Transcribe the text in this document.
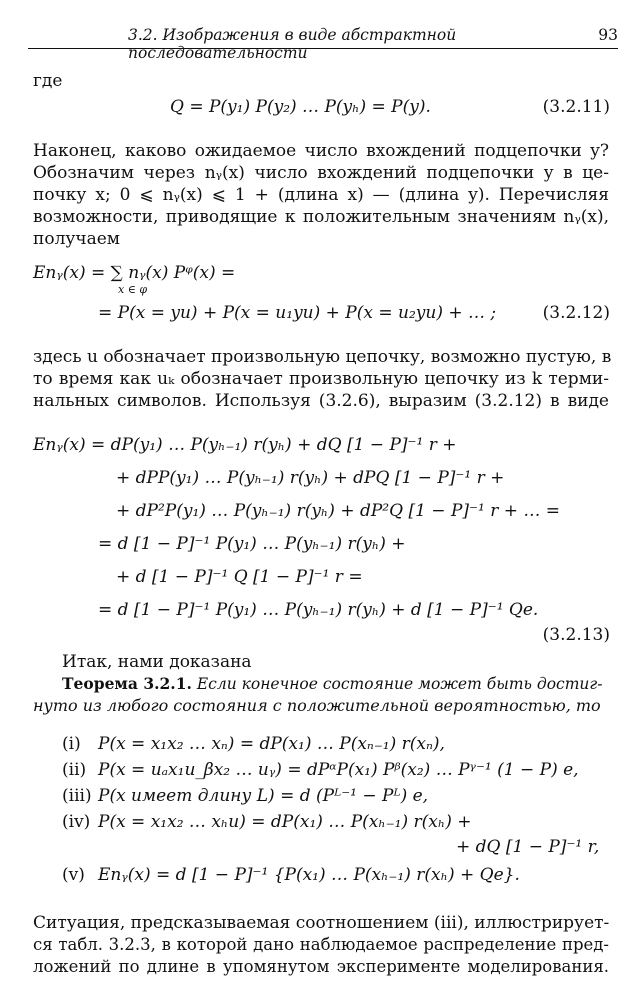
3.2. Изображения в виде абстрактной последовательности
93
где
Q = P(y₁) P(y₂) … P(yₕ) = P(y).	(3.2.11)
Наконец, каково ожидаемое число вхождений подцепочки y?
Обозначим через nᵧ(x) число вхождений подцепочки y в це-
почку x; 0 ⩽ nᵧ(x) ⩽ 1 + (длина x) — (длина y). Перечисляя
возможности, приводящие к положительным значениям nᵧ(x),
получаем
Enᵧ(x) = ∑ nᵧ(x) Pᵠ(x) =
x ∈ φ
= P(x = yu) + P(x = u₁yu) + P(x = u₂yu) + … ;	(3.2.12)
здесь u обозначает произвольную цепочку, возможно пустую, в
то время как uₖ обозначает произвольную цепочку из k терми-
нальных символов. Используя (3.2.6), выразим (3.2.12) в виде
Enᵧ(x) = dP(y₁) … P(yₕ₋₁) r(yₕ) + dQ [1 − P]⁻¹ r +
+ dPP(y₁) … P(yₕ₋₁) r(yₕ) + dPQ [1 − P]⁻¹ r +
+ dP²P(y₁) … P(yₕ₋₁) r(yₕ) + dP²Q [1 − P]⁻¹ r + … =
= d [1 − P]⁻¹ P(y₁) … P(yₕ₋₁) r(yₕ) +
+ d [1 − P]⁻¹ Q [1 − P]⁻¹ r =
= d [1 − P]⁻¹ P(y₁) … P(yₕ₋₁) r(yₕ) + d [1 − P]⁻¹ Qe.
(3.2.13)
Итак, нами доказана
Теорема 3.2.1. Если конечное состояние может быть достиг-
нуто из любого состояния с положительной вероятностью, то
(i)	P(x = x₁x₂ … xₙ) = dP(x₁) … P(xₙ₋₁) r(xₙ),
(ii) P(x = uₐx₁u_βx₂ … uᵧ) = dPᵅP(x₁) Pᵝ(x₂) … Pᵞ⁻¹ (1 − P) e,
(iii) P(x имеет длину L) = d (Pᴸ⁻¹ − Pᴸ) e,
(iv) P(x = x₁x₂ … xₕu) = dP(x₁) … P(xₕ₋₁) r(xₕ) +
+ dQ [1 − P]⁻¹ r,
(v) Enᵧ(x) = d [1 − P]⁻¹ {P(x₁) … P(xₕ₋₁) r(xₕ) + Qe}.
Ситуация, предсказываемая соотношением (iii), иллюстрирует-
ся табл. 3.2.3, в которой дано наблюдаемое распределение пред-
ложений по длине в упомянутом эксперименте моделирования.
